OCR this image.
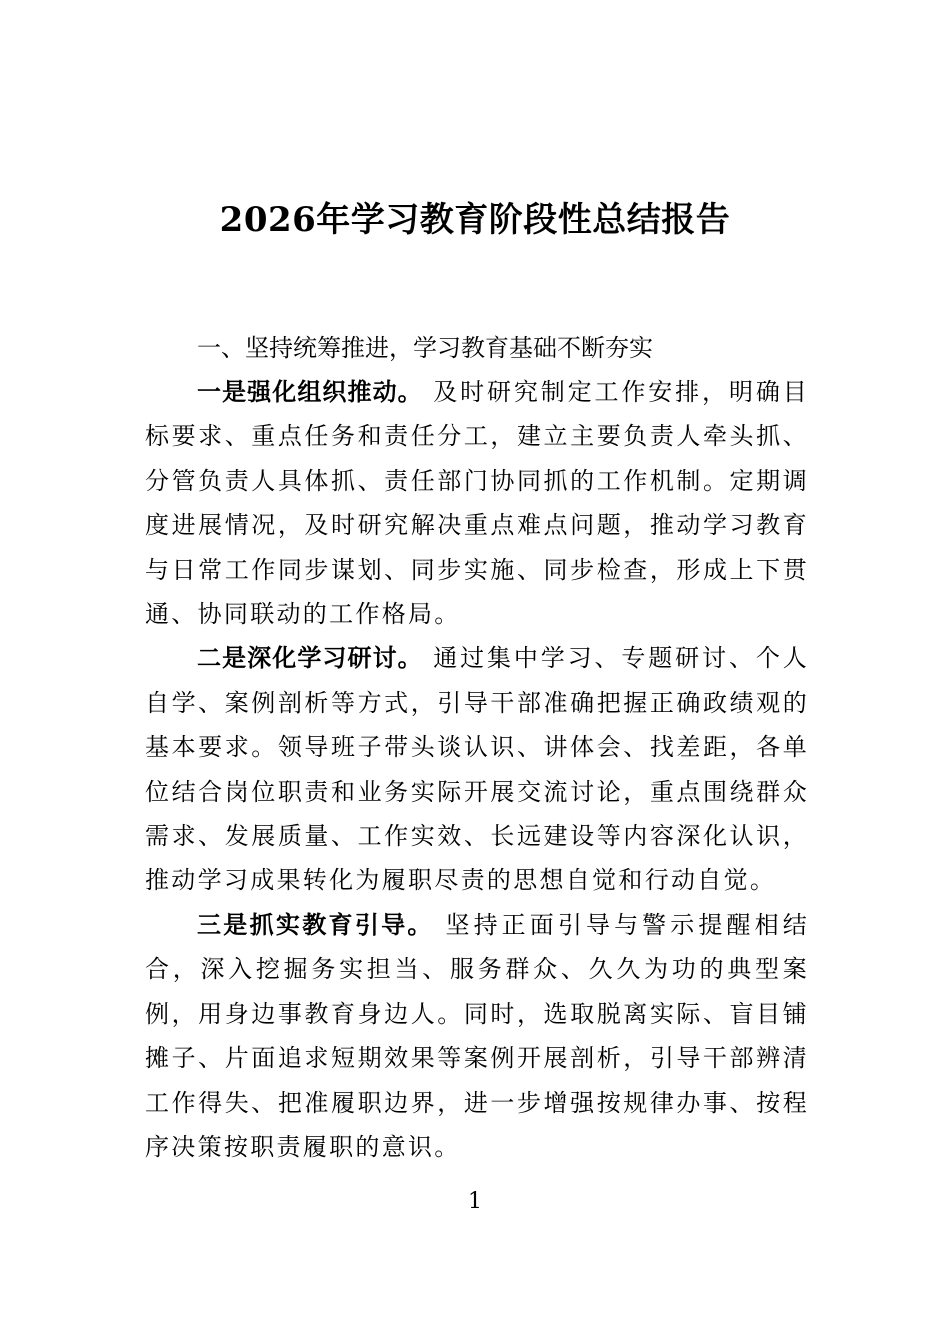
2026年学习教育阶段性总结报告
一、坚持统筹推进，学习教育基础不断夯实

一是强化组织推动。 及时研究制定工作安排，明确目标要求、重点任务和责任分工，建立主要负责人牵头抓、分管负责人具体抓、责任部门协同抓的工作机制。定期调度进展情况，及时研究解决重点难点问题，推动学习教育与日常工作同步谋划、同步实施、同步检查，形成上下贯通、协同联动的工作格局。

二是深化学习研讨。 通过集中学习、专题研讨、个人自学、案例剖析等方式，引导干部准确把握正确政绩观的基本要求。领导班子带头谈认识、讲体会、找差距，各单位结合岗位职责和业务实际开展交流讨论，重点围绕群众需求、发展质量、工作实效、长远建设等内容深化认识，推动学习成果转化为履职尽责的思想自觉和行动自觉。

三是抓实教育引导。 坚持正面引导与警示提醒相结合，深入挖掘务实担当、服务群众、久久为功的典型案例，用身边事教育身边人。同时，选取脱离实际、盲目铺摊子、片面追求短期效果等案例开展剖析，引导干部辨清工作得失、把准履职边界，进一步增强按规律办事、按程序决策按职责履职的意识。

1
